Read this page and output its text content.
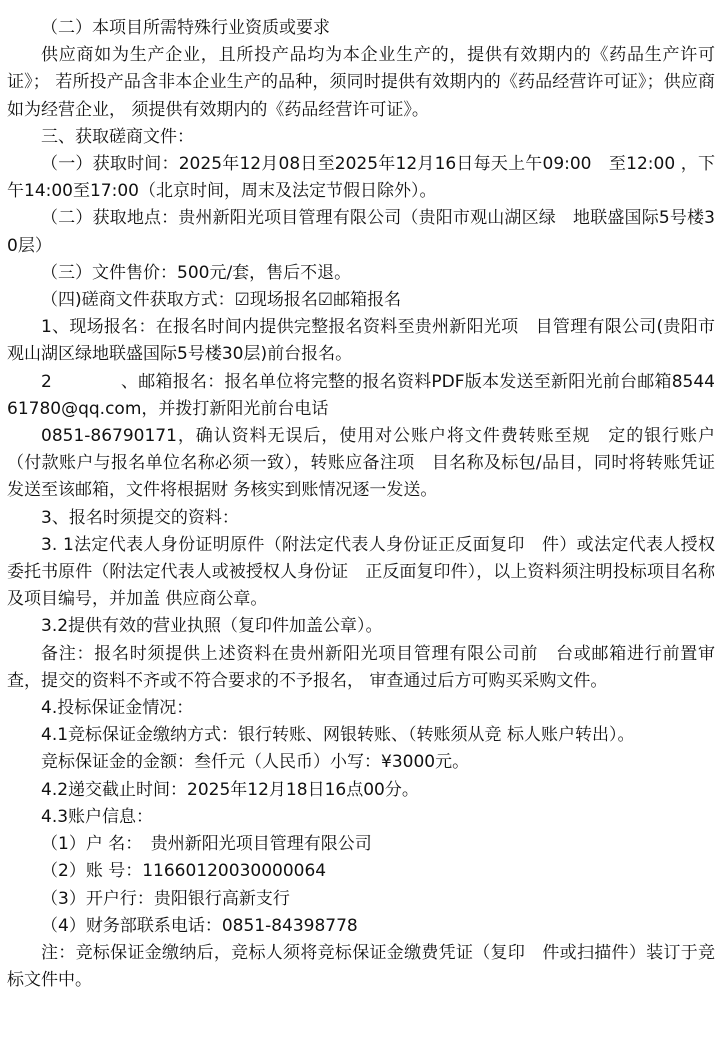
（二）本项目所需特殊行业资质或要求

供应商如为生产企业，且所投产品均为本企业生产的，提供有效期内的《药品生产许可证》； 若所投产品含非本企业生产的品种，须同时提供有效期内的《药品经营许可证》；供应商如为经营企业， 须提供有效期内的《药品经营许可证》。

三、获取磋商文件：

（一）获取时间：2025年12月08日至2025年12月16日每天上午09:00　至12:00 ，下午14:00至17:00（北京时间，周末及法定节假日除外）。

（二）获取地点：贵州新阳光项目管理有限公司（贵阳市观山湖区绿　地联盛国际5号楼30层）

（三）文件售价：500元/套，售后不退。

（四)磋商文件获取方式：☑现场报名☑邮箱报名

1、现场报名：在报名时间内提供完整报名资料至贵州新阳光项　目管理有限公司(贵阳市观山湖区绿地联盛国际5号楼30层)前台报名。

2　　　　、邮箱报名：报名单位将完整的报名资料PDF版本发送至新阳光前台邮箱854461780@qq.com，并拨打新阳光前台电话

0851-86790171，确认资料无误后，使用对公账户将文件费转账至规　定的银行账户（付款账户与报名单位名称必须一致），转账应备注项　目名称及标包/品目，同时将转账凭证发送至该邮箱，文件将根据财 务核实到账情况逐一发送。

3、报名时须提交的资料：

3. 1法定代表人身份证明原件（附法定代表人身份证正反面复印　件）或法定代表人授权委托书原件（附法定代表人或被授权人身份证　正反面复印件），以上资料须注明投标项目名称及项目编号，并加盖 供应商公章。

3.2提供有效的营业执照（复印件加盖公章）。

备注：报名时须提供上述资料在贵州新阳光项目管理有限公司前　台或邮箱进行前置审查，提交的资料不齐或不符合要求的不予报名， 审查通过后方可购买采购文件。

4.投标保证金情况：

4.1竞标保证金缴纳方式：银行转账、网银转账、（转账须从竞 标人账户转出）。

竞标保证金的金额：叁仟元（人民币）小写：¥3000元。

4.2递交截止时间：2025年12月18日16点00分。

4.3账户信息：

（1）户 名：　贵州新阳光项目管理有限公司

（2）账 号：11660120030000064

（3）开户行：贵阳银行高新支行

（4）财务部联系电话：0851-84398778

注：竞标保证金缴纳后，竞标人须将竞标保证金缴费凭证（复印　件或扫描件）装订于竞标文件中。
